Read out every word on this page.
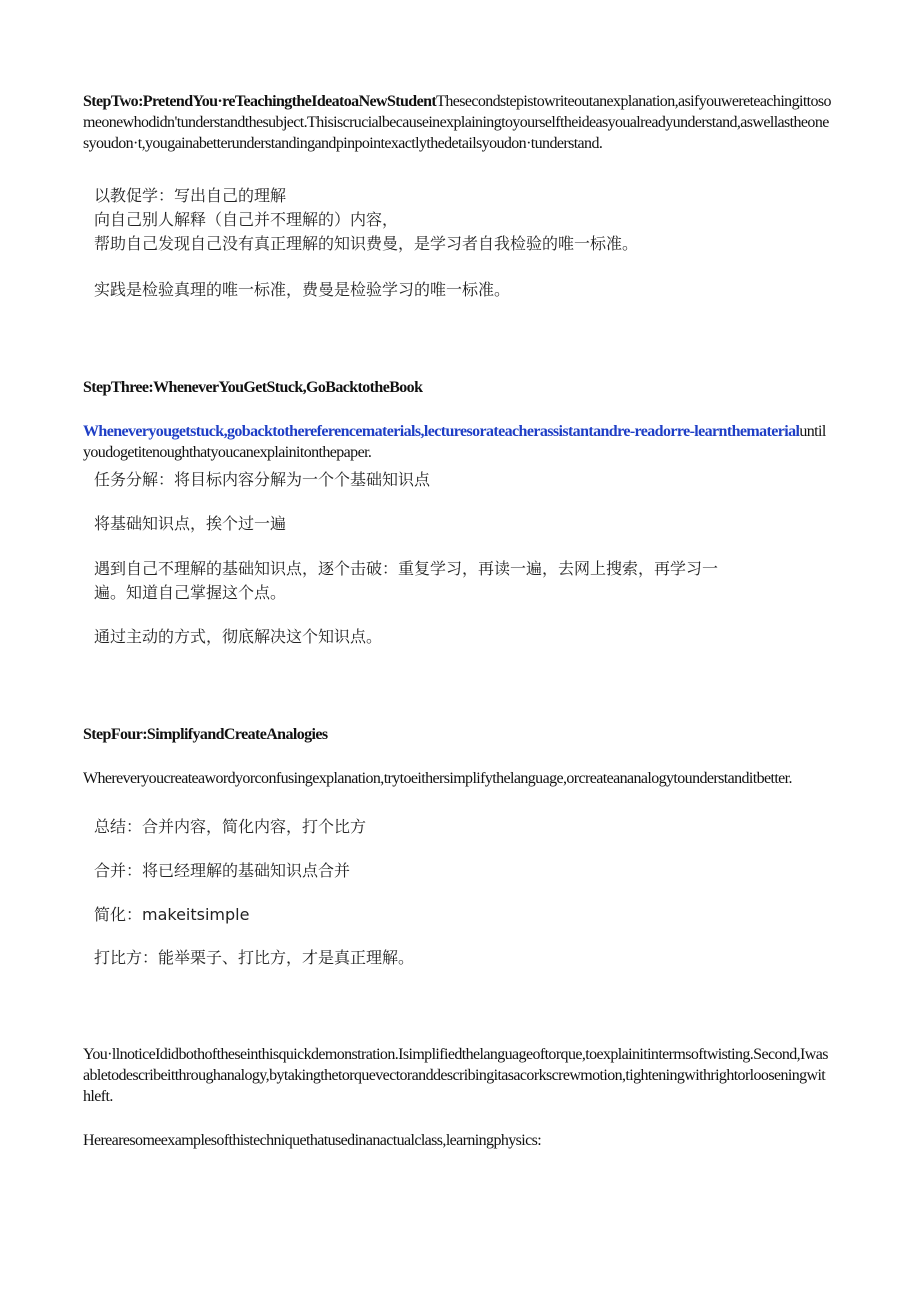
StepTwo:PretendYou·reTeachingtheIdeatoaNewStudentThesecondstepistowriteoutanexplanation,asifyouwereteachingittosomeonewhodidn'tunderstandthesubject.Thisiscrucialbecauseinexplainingtoyourselftheideasyoualreadyunderstand,aswellastheonesyoudon·t,yougainabetterunderstandingandpinpointexactlythedetailsyoudon·tunderstand.

以教促学：写出自己的理解

向自己别人解释（自己并不理解的）内容，

帮助自己发现自己没有真正理解的知识费曼，是学习者自我检验的唯一标准。

实践是检验真理的唯一标准，费曼是检验学习的唯一标准。

StepThree:WheneverYouGetStuck,GoBacktotheBook

Wheneveryougetstuck,gobacktothereferencematerials,lecturesorateacherassistantandre-readorre-learnthematerialuntilyoudogetitenoughthatyoucanexplainitonthepaper.

任务分解：将目标内容分解为一个个基础知识点

将基础知识点，挨个过一遍

遇到自己不理解的基础知识点，逐个击破：重复学习，再读一遍，去网上搜索，再学习一

遍。知道自己掌握这个点。

通过主动的方式，彻底解决这个知识点。

StepFour:SimplifyandCreateAnalogies

Whereveryoucreateawordyorconfusingexplanation,trytoeithersimplifythelanguage,orcreateananalogytounderstanditbetter.

总结：合并内容，简化内容，打个比方

合并：将已经理解的基础知识点合并

简化：makeitsimple

打比方：能举栗子、打比方，才是真正理解。

You·llnoticeIdidbothoftheseinthisquickdemonstration.Isimplifiedthelanguageoftorque,toexplainitintermsoftwisting.Second,Iwasabletodescribeitthroughanalogy,bytakingthetorquevectoranddescribingitasacorkscrewmotion,tighteningwithrightorlooseningwithleft.

Herearesomeexamplesofthistechniquethatusedinanactualclass,learningphysics:
